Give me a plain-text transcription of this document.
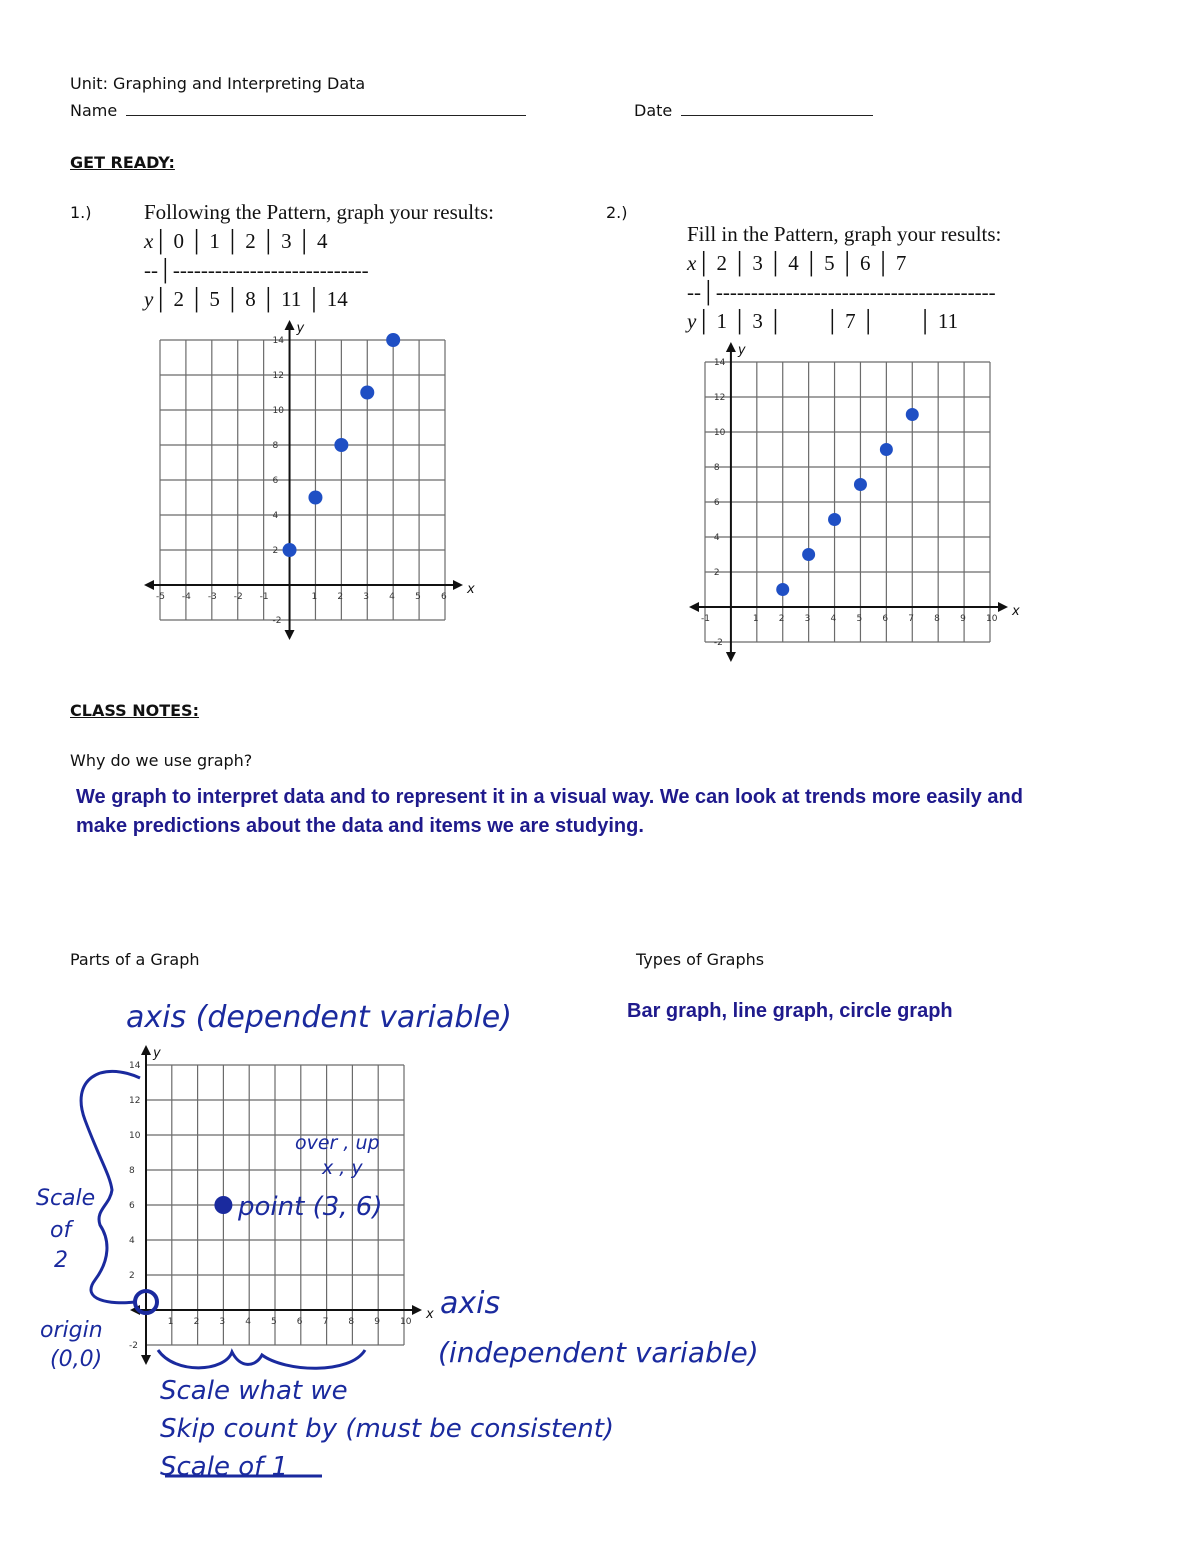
Unit: Graphing and Interpreting Data
Name	Date
GET READY:
1.) Following the Pattern, graph your results:
x│ 0 │ 1 │ 2 │ 3 │ 4
--│----------------------------
y│ 2 │ 5 │ 8 │ 11 │ 14
x
y
-5 -4 -3 -2 -1	1 2 3 4 5 6
-2
2
4
6
8
10
12
14
2.)
Fill in the Pattern, graph your results:
x│ 2 │ 3 │ 4 │ 5 │ 6 │ 7
--│----------------------------------------
y│ 1 │ 3 │        │ 7 │        │ 11
x
y
-1	1 2 3 4 5 6 7 8 9 10
-2
2
4
6
8
10
12
14
CLASS NOTES:
Why do we use graph?
We graph to interpret data and to represent it in a visual way. We can look at trends more easily and
make predictions about the data and items we are studying.
Parts of a Graph	Types of Graphs
Bar graph, line graph, circle graph
x
y
1 2 3 4 5 6 7 8 9 10
-2
2
4
6
8
10
12
14
axis (dependent variable)
over , up
x , y
Scale
of
2
point (3, 6)
origin
(0,0)
axis
(independent variable)
Scale what we
Skip count by (must be consistent)
Scale of 1
